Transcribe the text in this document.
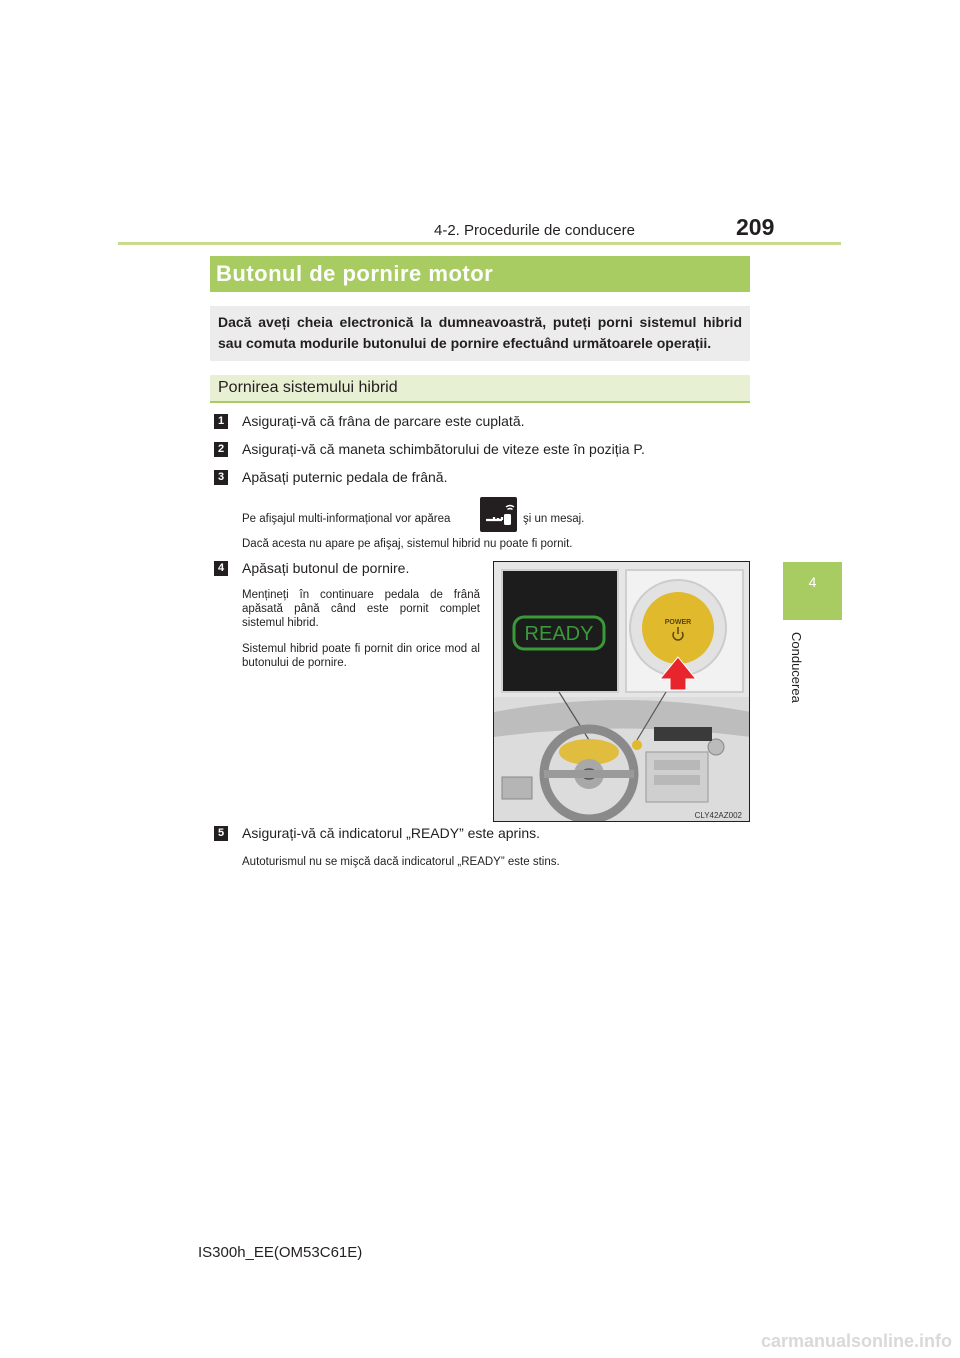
4-2. Procedurile de conducere	209
4
Conducerea
Butonul de pornire motor
Dacă aveți cheia electronică la dumneavoastră, puteți porni sistemul hibrid sau comuta modurile butonului de pornire efectuând următoarele operații.
Pornirea sistemului hibrid
1 Asigurați-vă că frâna de parcare este cuplată.
2 Asigurați-vă că maneta schimbătorului de viteze este în poziția P.
3 Apăsați puternic pedala de frână.
Pe afişajul multi-informațional vor apărea	şi un mesaj.
Dacă acesta nu apare pe afişaj, sistemul hibrid nu poate fi pornit.
4 Apăsați butonul de pornire.
Mențineți în continuare pedala de frână apăsată până când este pornit complet sistemul hibrid.
Sistemul hibrid poate fi pornit din orice mod al butonului de pornire.
READY
POWER
CLY42AZ002
5 Asigurați-vă că indicatorul „READY” este aprins.
Autoturismul nu se mişcă dacă indicatorul „READY” este stins.
IS300h_EE(OM53C61E)
carmanualsonline.info
